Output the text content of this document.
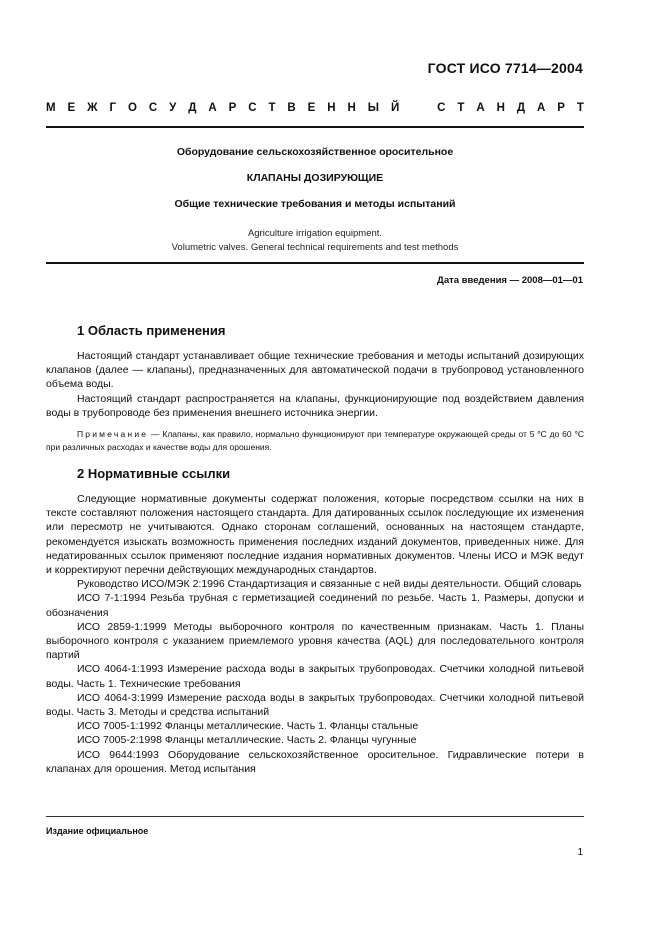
ГОСТ ИСО 7714—2004
М Е Ж Г О С У Д А Р С Т В Е Н Н Ы Й	С Т А Н Д А Р Т
Оборудование сельскохозяйственное оросительное
КЛАПАНЫ ДОЗИРУЮЩИЕ
Общие технические требования и методы испытаний
Agriculture irrigation equipment.
Volumetric valves. General technical requirements and test methods
Дата введения — 2008—01—01
1 Область применения

Настоящий стандарт устанавливает общие технические требования и методы испытаний дозирующих клапанов (далее — клапаны), предназначенных для автоматической подачи в трубопровод установленного объема воды.

Настоящий стандарт распространяется на клапаны, функционирующие под воздействием давления воды в трубопроводе без применения внешнего источника энергии.

Примечание — Клапаны, как правило, нормально функционируют при температуре окружающей среды от 5 °С до 60 °С при различных расходах и качестве воды для орошения.
2 Нормативные ссылки

Следующие нормативные документы содержат положения, которые посредством ссылки на них в тексте составляют положения настоящего стандарта. Для датированных ссылок последующие их изменения или пересмотр не учитываются. Однако сторонам соглашений, основанных на настоящем стандарте, рекомендуется изыскать возможность применения последних изданий документов, приведенных ниже. Для недатированных ссылок применяют последние издания нормативных документов. Члены ИСО и МЭК ведут и корректируют перечни действующих международных стандартов.

Руководство ИСО/МЭК 2:1996 Стандартизация и связанные с ней виды деятельности. Общий словарь

ИСО 7-1:1994 Резьба трубная с герметизацией соединений по резьбе. Часть 1. Размеры, допуски и обозначения

ИСО 2859-1:1999 Методы выборочного контроля по качественным признакам. Часть 1. Планы выборочного контроля с указанием приемлемого уровня качества (AQL) для последовательного контроля партий

ИСО 4064-1:1993 Измерение расхода воды в закрытых трубопроводах. Счетчики холодной питьевой воды. Часть 1. Технические требования

ИСО 4064-3:1999 Измерение расхода воды в закрытых трубопроводах. Счетчики холодной питьевой воды. Часть 3. Методы и средства испытаний

ИСО 7005-1:1992 Фланцы металлические. Часть 1. Фланцы стальные

ИСО 7005-2:1998 Фланцы металлические. Часть 2. Фланцы чугунные

ИСО 9644:1993 Оборудование сельскохозяйственное оросительное. Гидравлические потери в клапанах для орошения. Метод испытания

Издание официальное
1
